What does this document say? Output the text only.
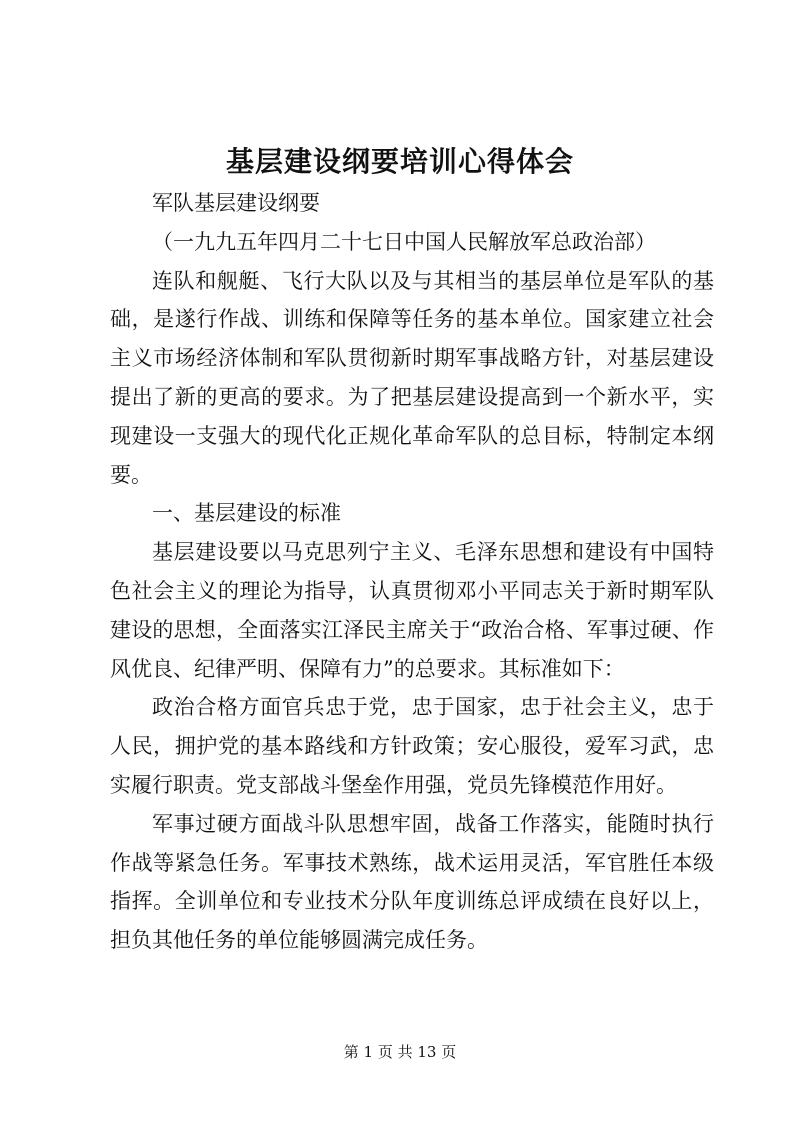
基层建设纲要培训心得体会

军队基层建设纲要

（一九九五年四月二十七日中国人民解放军总政治部）

连队和舰艇、飞行大队以及与其相当的基层单位是军队的基础，是遂行作战、训练和保障等任务的基本单位。国家建立社会主义市场经济体制和军队贯彻新时期军事战略方针，对基层建设提出了新的更高的要求。为了把基层建设提高到一个新水平，实现建设一支强大的现代化正规化革命军队的总目标，特制定本纲要。

一、基层建设的标准

基层建设要以马克思列宁主义、毛泽东思想和建设有中国特色社会主义的理论为指导，认真贯彻邓小平同志关于新时期军队建设的思想，全面落实江泽民主席关于“政治合格、军事过硬、作风优良、纪律严明、保障有力”的总要求。其标准如下：

政治合格方面官兵忠于党，忠于国家，忠于社会主义，忠于人民，拥护党的基本路线和方针政策；安心服役，爱军习武，忠实履行职责。党支部战斗堡垒作用强，党员先锋模范作用好。

军事过硬方面战斗队思想牢固，战备工作落实，能随时执行作战等紧急任务。军事技术熟练，战术运用灵活，军官胜任本级指挥。全训单位和专业技术分队年度训练总评成绩在良好以上，担负其他任务的单位能够圆满完成任务。

第 1 页 共 13 页
